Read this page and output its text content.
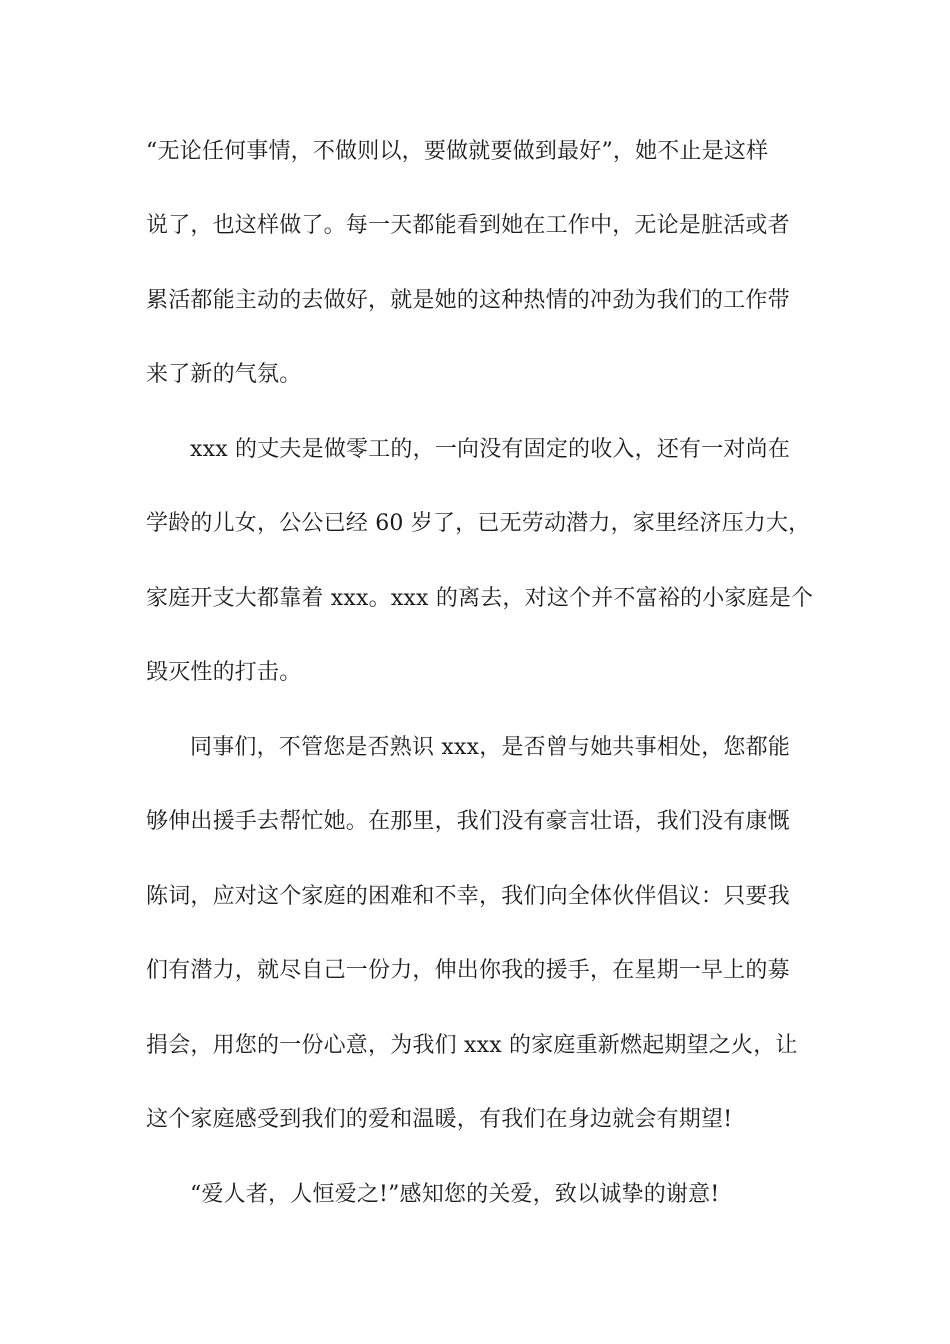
“无论任何事情，不做则以，要做就要做到最好”，她不止是这样
说了，也这样做了。每一天都能看到她在工作中，无论是脏活或者
累活都能主动的去做好，就是她的这种热情的冲劲为我们的工作带
来了新的气氛。
xxx 的丈夫是做零工的，一向没有固定的收入，还有一对尚在
学龄的儿女，公公已经 60 岁了，已无劳动潜力，家里经济压力大，
家庭开支大都靠着 xxx。xxx 的离去，对这个并不富裕的小家庭是个
毁灭性的打击。
同事们，不管您是否熟识 xxx，是否曾与她共事相处，您都能
够伸出援手去帮忙她。在那里，我们没有豪言壮语，我们没有康慨
陈词，应对这个家庭的困难和不幸，我们向全体伙伴倡议：只要我
们有潜力，就尽自己一份力，伸出你我的援手，在星期一早上的募
捐会，用您的一份心意，为我们 xxx 的家庭重新燃起期望之火，让
这个家庭感受到我们的爱和温暖，有我们在身边就会有期望!
“爱人者，人恒爱之!”感知您的关爱，致以诚挚的谢意!
